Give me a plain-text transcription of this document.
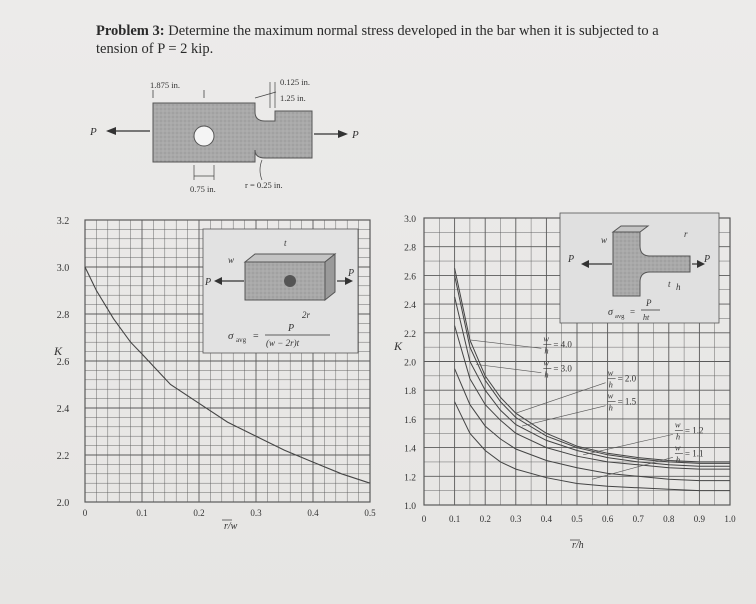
Problem 3: Determine the maximum normal stress developed in the bar when it is subjected to a
tension of P = 2 kip.
P	P
1.875 in.	0.125 in.
1.25 in.
0.75 in.	r = 0.25 in.
P
P
t
w
2r
σ avg =
P
(w − 2r)t
0	0.1	0.2	0.3	0.4	0.5
2.0
2.2
2.4
2.6
2.8
3.0
3.2
K
r/w
P	P
w
r
h
t
σ avg =
P
ht
w
h
= 4.0
w
h
= 3.0	w
h
= 2.0
w
h
= 1.5
w
h
= 1.2
w
h
= 1.1
0	0.1 0.2 0.3 0.4 0.5 0.6 0.7 0.8 0.9 1.0
1.0
1.2
1.4
1.6
1.8
2.0
2.2
2.4
2.6
2.8
3.0
K
r/h
